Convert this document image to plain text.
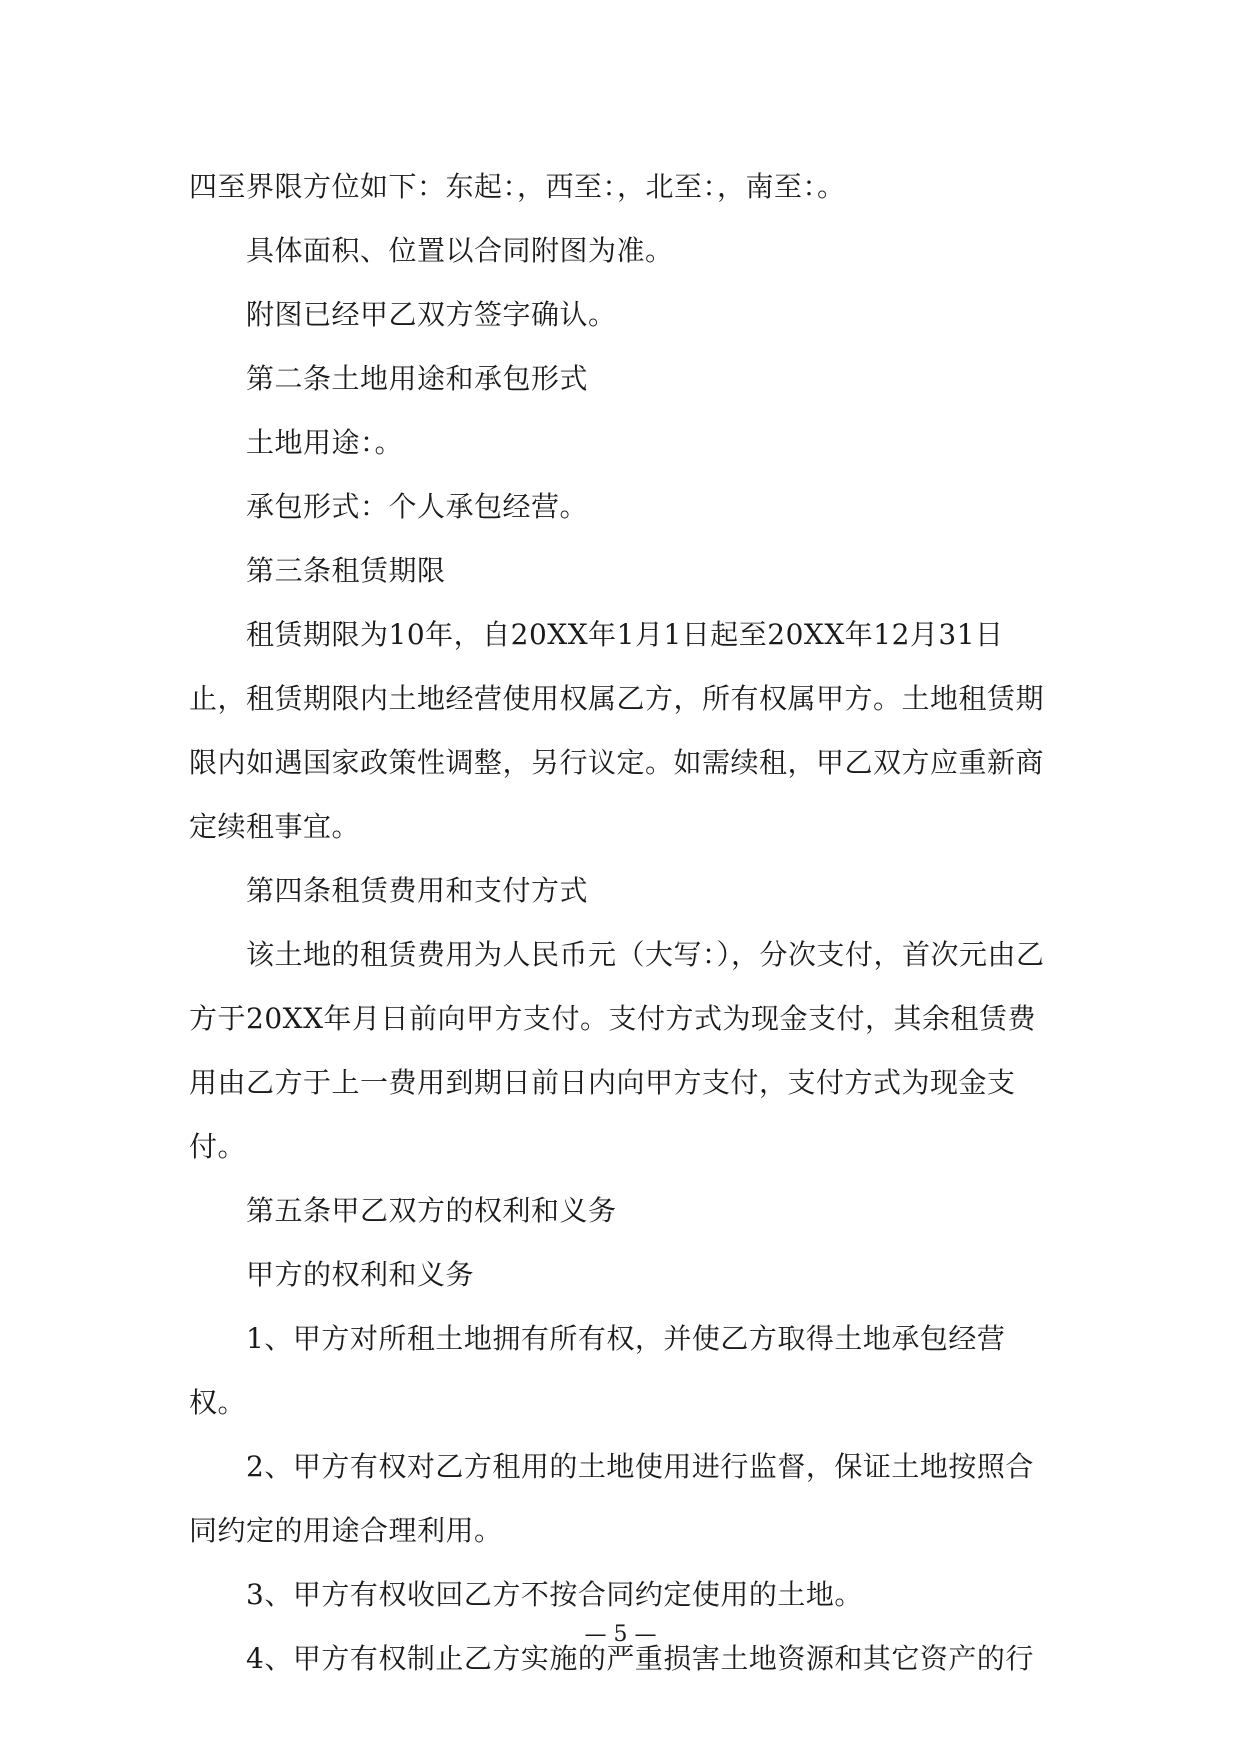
四至界限方位如下：东起：，西至：，北至：，南至：。

具体面积、位置以合同附图为准。

附图已经甲乙双方签字确认。

第二条土地用途和承包形式

土地用途：。

承包形式：个人承包经营。

第三条租赁期限

租赁期限为10年，自20XX年1月1日起至20XX年12月31日止，租赁期限内土地经营使用权属乙方，所有权属甲方。土地租赁期限内如遇国家政策性调整，另行议定。如需续租，甲乙双方应重新商定续租事宜。

第四条租赁费用和支付方式

该土地的租赁费用为人民币元（大写：），分次支付，首次元由乙方于20XX年月日前向甲方支付。支付方式为现金支付，其余租赁费用由乙方于上一费用到期日前日内向甲方支付，支付方式为现金支付。

第五条甲乙双方的权利和义务

甲方的权利和义务

1、甲方对所租土地拥有所有权，并使乙方取得土地承包经营权。

2、甲方有权对乙方租用的土地使用进行监督，保证土地按照合同约定的用途合理利用。

3、甲方有权收回乙方不按合同约定使用的土地。

4、甲方有权制止乙方实施的严重损害土地资源和其它资产的行

— 5 —
